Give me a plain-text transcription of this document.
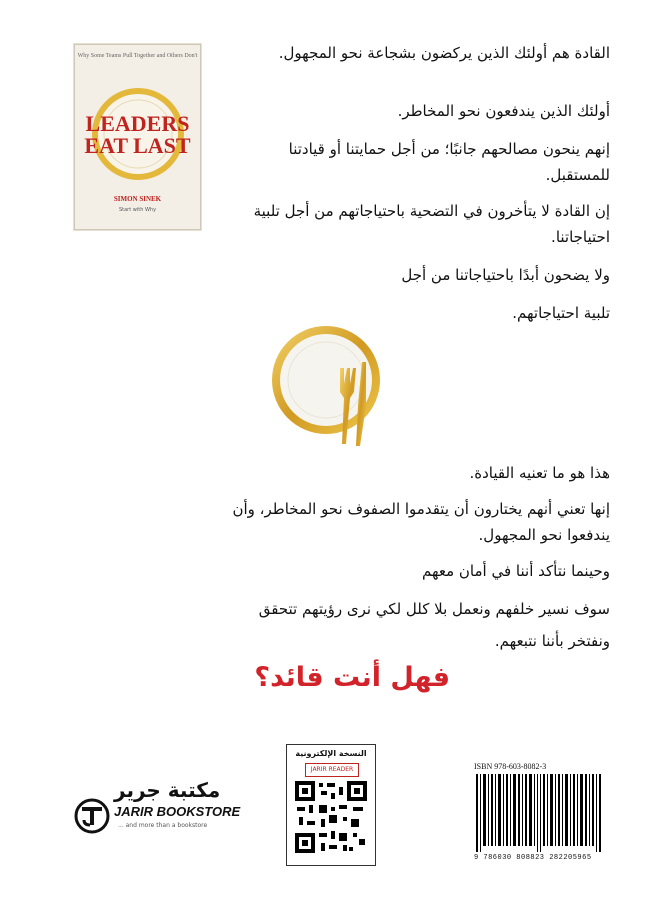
Why Some Teams Pull Together and Others Don't
LEADERS
EAT LAST
SIMON SINEK
Start with Why
القادة هم أولئك الذين يركضون بشجاعة نحو المجهول.
أولئك الذين يندفعون نحو المخاطر.
إنهم ينحون مصالحهم جانبًا؛ من أجل حمايتنا أو قيادتنا للمستقبل.
إن القادة لا يتأخرون في التضحية باحتياجاتهم من أجل تلبية احتياجاتنا.
ولا يضحون أبدًا باحتياجاتنا من أجل
تلبية احتياجاتهم.
هذا هو ما تعنيه القيادة.
إنها تعني أنهم يختارون أن يتقدموا الصفوف نحو المخاطر، وأن يندفعوا نحو المجهول.
وحينما نتأكد أننا في أمان معهم
سوف نسير خلفهم ونعمل بلا كلل لكي نرى رؤيتهم تتحقق
ونفتخر بأننا نتبعهم.
فهل أنت قائد؟
النسخة الإلكترونية
JARIR READER	ISBN 978-603-8082-3
9 786030 808823 282205965
مكتبة جرير
JARIR BOOKSTORE
... and more than a bookstore
